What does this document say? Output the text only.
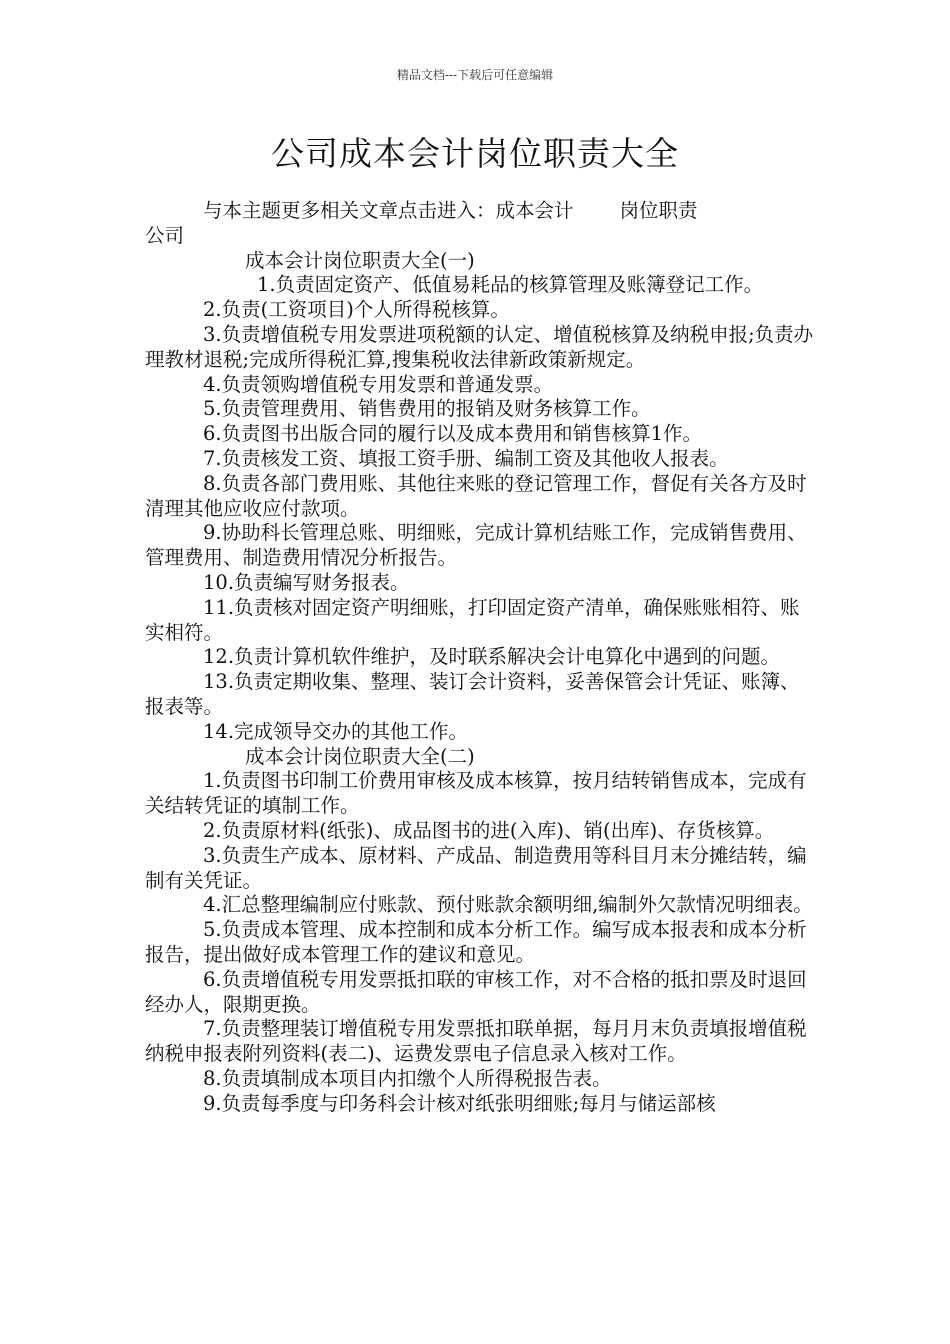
精品文档---下载后可任意编辑
公司成本会计岗位职责大全

与本主题更多相关文章点击进入：成本会计 岗位职责

公司

成本会计岗位职责大全(一)

1.负责固定资产、低值易耗品的核算管理及账簿登记工作。

2.负责(工资项目)个人所得税核算。

3.负责增值税专用发票进项税额的认定、增值税核算及纳税申报;负责办理教材退税;完成所得税汇算,搜集税收法律新政策新规定。

4.负责领购增值税专用发票和普通发票。

5.负责管理费用、销售费用的报销及财务核算工作。

6.负责图书出版合同的履行以及成本费用和销售核算1作。

7.负责核发工资、填报工资手册、编制工资及其他收人报表。

8.负责各部门费用账、其他往来账的登记管理工作，督促有关各方及时清理其他应收应付款项。

9.协助科长管理总账、明细账，完成计算机结账工作，完成销售费用、管理费用、制造费用情况分析报告。

10.负责编写财务报表。

11.负责核对固定资产明细账，打印固定资产清单，确保账账相符、账实相符。

12.负责计算机软件维护，及时联系解决会计电算化中遇到的问题。

13.负责定期收集、整理、装订会计资料，妥善保管会计凭证、账簿、报表等。

14.完成领导交办的其他工作。

成本会计岗位职责大全(二)

1.负责图书印制工价费用审核及成本核算，按月结转销售成本，完成有关结转凭证的填制工作。

2.负责原材料(纸张)、成品图书的进(入库)、销(出库)、存货核算。

3.负责生产成本、原材料、产成品、制造费用等科目月末分摊结转，编制有关凭证。

4.汇总整理编制应付账款、预付账款余额明细,编制外欠款情况明细表。

5.负责成本管理、成本控制和成本分析工作。编写成本报表和成本分析报告，提出做好成本管理工作的建议和意见。

6.负责增值税专用发票抵扣联的审核工作，对不合格的抵扣票及时退回经办人，限期更换。

7.负责整理装订增值税专用发票抵扣联单据，每月月末负责填报增值税纳税申报表附列资料(表二)、运费发票电子信息录入核对工作。

8.负责填制成本项目内扣缴个人所得税报告表。

9.负责每季度与印务科会计核对纸张明细账;每月与储运部核
